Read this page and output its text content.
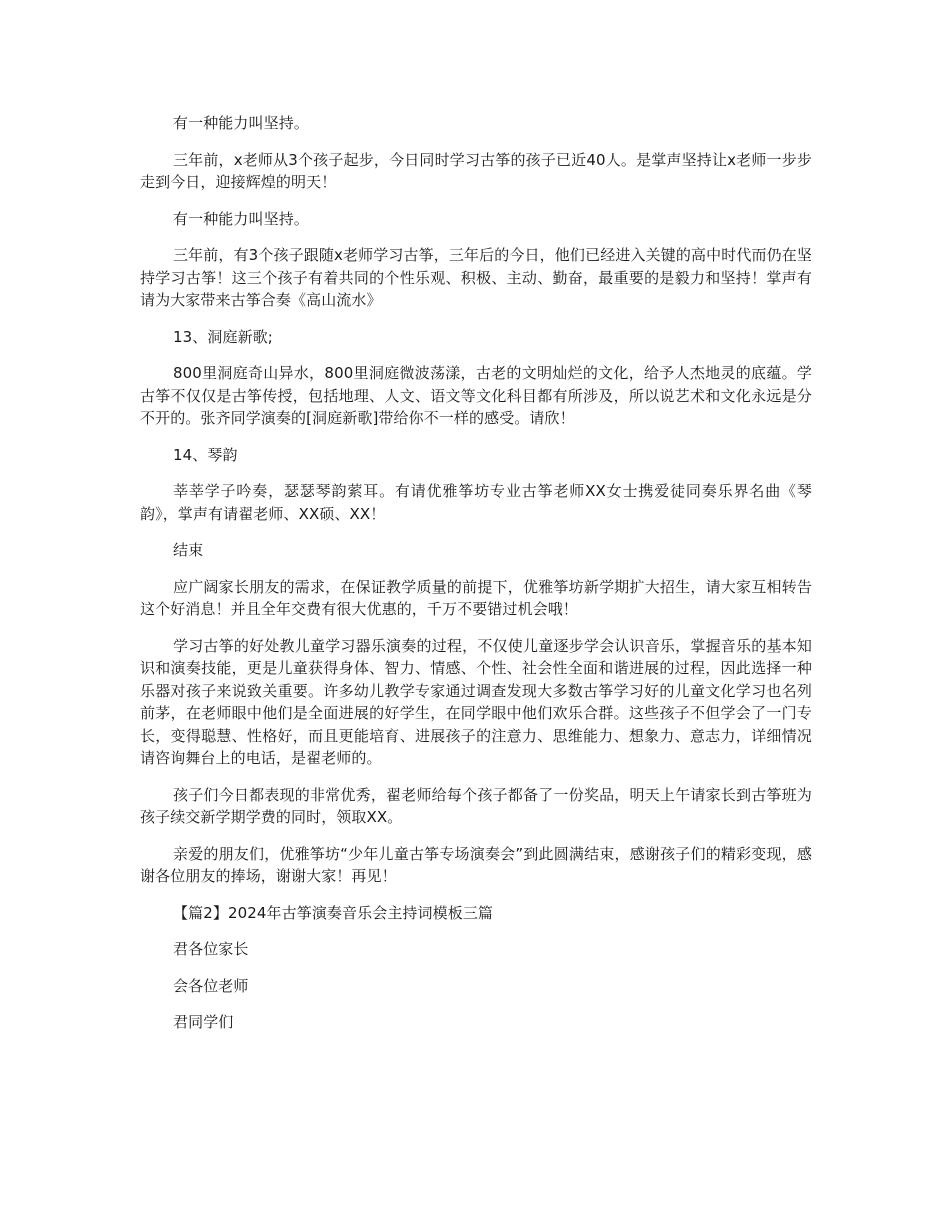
有一种能力叫坚持。

三年前，x老师从3个孩子起步，今日同时学习古筝的孩子已近40人。是掌声坚持让x老师一步步走到今日，迎接辉煌的明天！

有一种能力叫坚持。

三年前，有3个孩子跟随x老师学习古筝，三年后的今日，他们已经进入关键的高中时代而仍在坚持学习古筝！这三个孩子有着共同的个性乐观、积极、主动、勤奋，最重要的是毅力和坚持！掌声有请为大家带来古筝合奏《高山流水》

13、洞庭新歌;

800里洞庭奇山异水，800里洞庭微波荡漾，古老的文明灿烂的文化，给予人杰地灵的底蕴。学古筝不仅仅是古筝传授，包括地理、人文、语文等文化科目都有所涉及，所以说艺术和文化永远是分不开的。张齐同学演奏的[洞庭新歌]带给你不一样的感受。请欣！

14、琴韵

莘莘学子吟奏，瑟瑟琴韵萦耳。有请优雅筝坊专业古筝老师XX女士携爱徒同奏乐界名曲《琴韵》，掌声有请翟老师、XX硕、XX！

结束

应广阔家长朋友的需求，在保证教学质量的前提下，优雅筝坊新学期扩大招生，请大家互相转告这个好消息！并且全年交费有很大优惠的，千万不要错过机会哦！

学习古筝的好处教儿童学习器乐演奏的过程，不仅使儿童逐步学会认识音乐，掌握音乐的基本知识和演奏技能，更是儿童获得身体、智力、情感、个性、社会性全面和谐进展的过程，因此选择一种乐器对孩子来说致关重要。许多幼儿教学专家通过调查发现大多数古筝学习好的儿童文化学习也名列前茅，在老师眼中他们是全面进展的好学生，在同学眼中他们欢乐合群。这些孩子不但学会了一门专长，变得聪慧、性格好，而且更能培育、进展孩子的注意力、思维能力、想象力、意志力，详细情况请咨询舞台上的电话，是翟老师的。

孩子们今日都表现的非常优秀，翟老师给每个孩子都备了一份奖品，明天上午请家长到古筝班为孩子续交新学期学费的同时，领取XX。

亲爱的朋友们，优雅筝坊“少年儿童古筝专场演奏会”到此圆满结束，感谢孩子们的精彩变现，感谢各位朋友的捧场，谢谢大家！再见！

【篇2】2024年古筝演奏音乐会主持词模板三篇

君各位家长

会各位老师

君同学们
